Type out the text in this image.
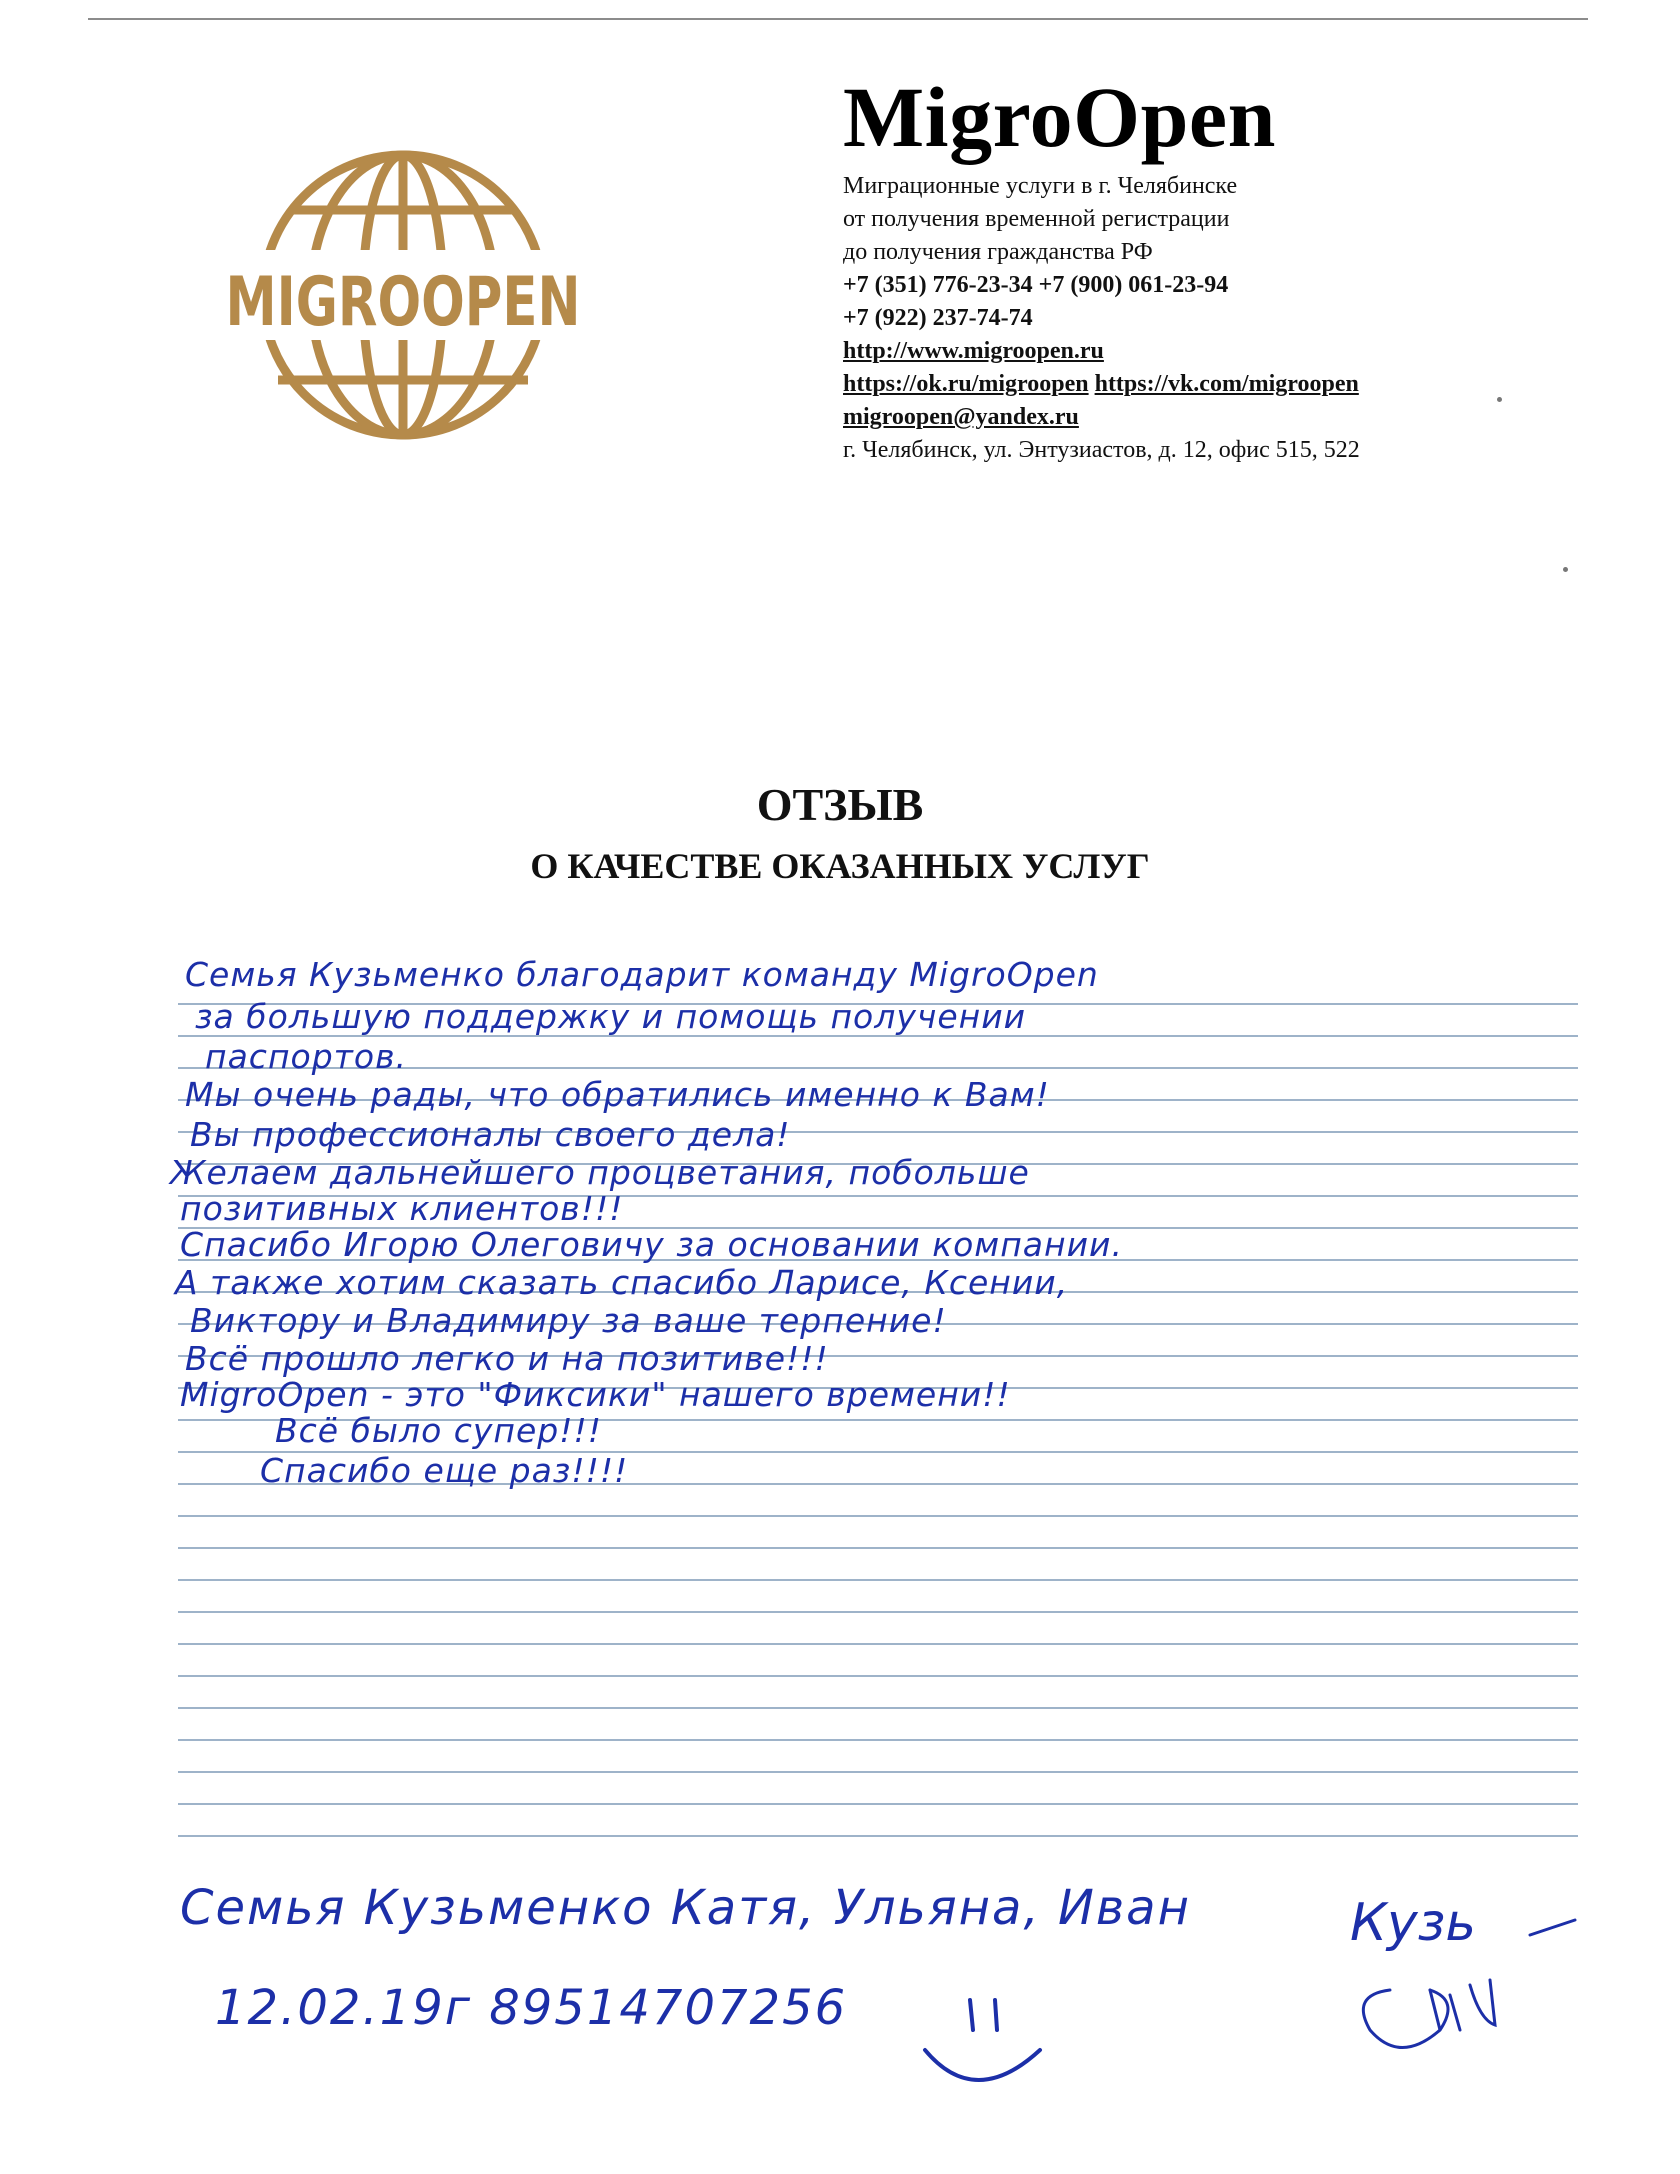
MIGROOPEN
MigroOpen
Миграционные услуги в г. Челябинске
от получения временной регистрации
до получения гражданства РФ
+7 (351) 776-23-34 +7 (900) 061-23-94
+7 (922) 237-74-74
http://www.migroopen.ru
https://ok.ru/migroopen https://vk.com/migroopen
migroopen@yandex.ru
г. Челябинск, ул. Энтузиастов, д. 12, офис 515, 522
ОТЗЫВ
О КАЧЕСТВЕ ОКАЗАННЫХ УСЛУГ
Семья Кузьменко благодарит команду MigroOpen
за большую поддержку и помощь получении
паспортов.
Мы очень рады, что обратились именно к Вам!
Вы профессионалы своего дела!
Желаем дальнейшего процветания, побольше
позитивных клиентов!!!
Спасибо Игорю Олеговичу за основании компании.
А также хотим сказать спасибо Ларисе, Ксении,
Виктору и Владимиру за ваше терпение!
Всё прошло легко и на позитиве!!!
MigroOpen - это "Фиксики" нашего времени!!
Всё было супер!!!
Спасибо еще раз!!!!
Семья Кузьменко Катя, Ульяна, Иван
12.02.19г 89514707256
Кузь
